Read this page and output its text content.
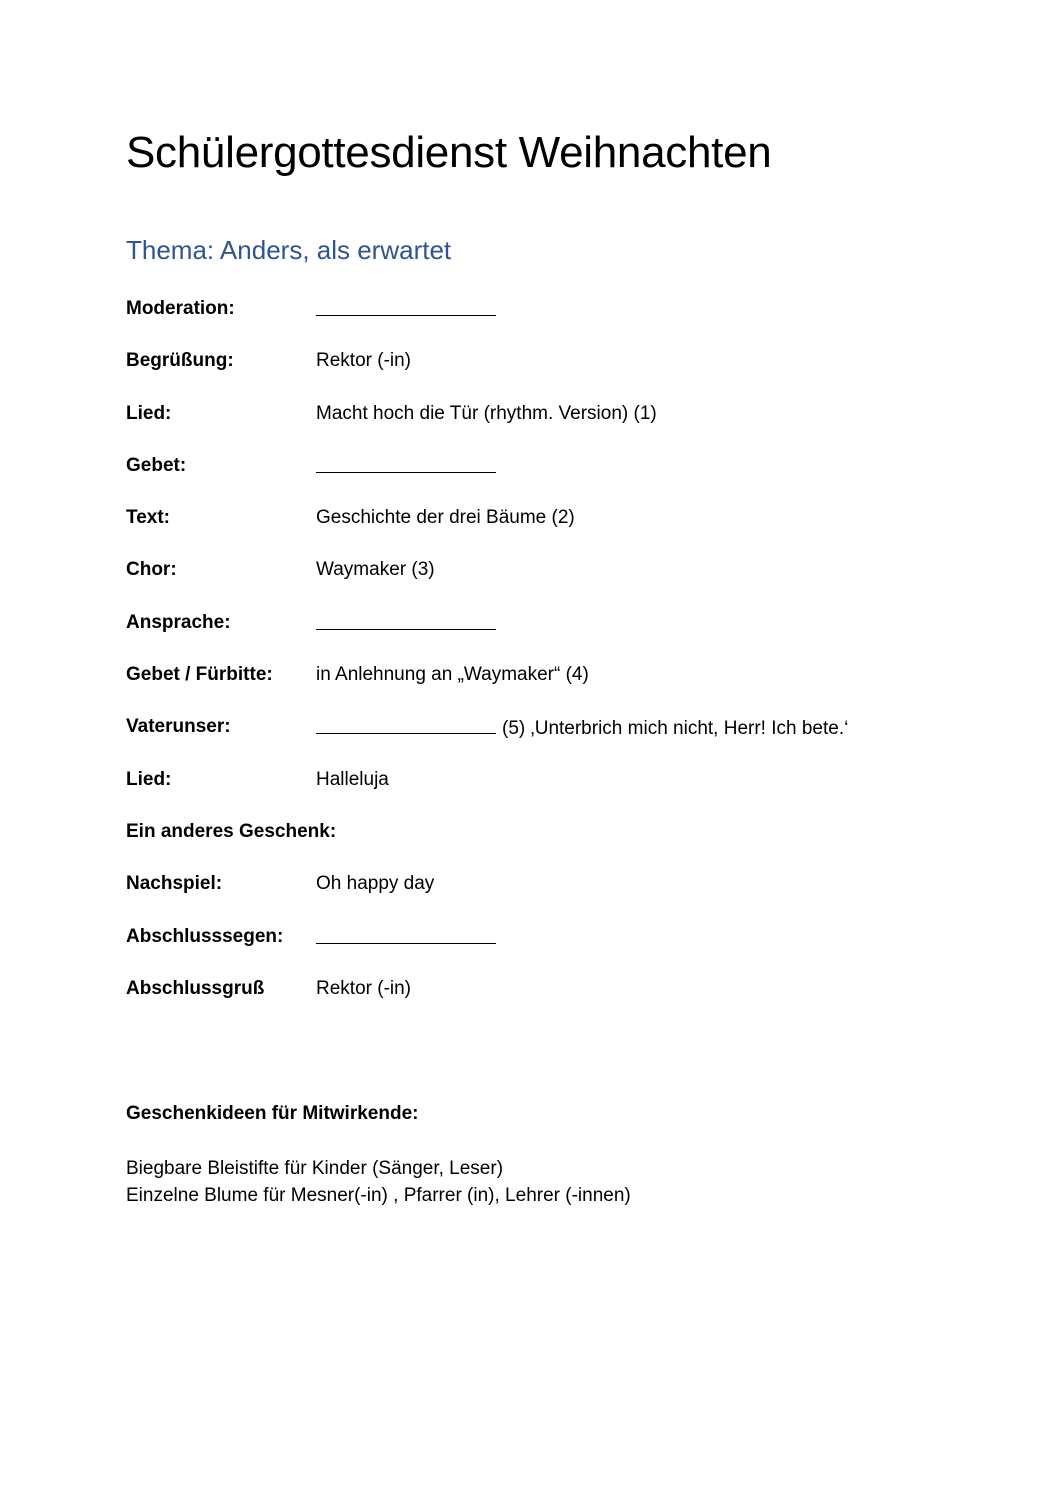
Schülergottesdienst Weihnachten
Thema: Anders, als erwartet
Moderation:
Begrüßung:	Rektor (-in)
Lied:	Macht hoch die Tür (rhythm. Version) (1)
Gebet:
Text:	Geschichte der drei Bäume (2)
Chor:	Waymaker (3)
Ansprache:
Gebet / Fürbitte: in Anlehnung an „Waymaker“ (4)
Vaterunser:	(5) ‚Unterbrich mich nicht, Herr! Ich bete.‘
Lied:	Halleluja
Ein anderes Geschenk:
Nachspiel:	Oh happy day
Abschlusssegen:
Abschlussgruß	Rektor (-in)
Geschenkideen für Mitwirkende:
Biegbare Bleistifte für Kinder (Sänger, Leser)
Einzelne Blume für Mesner(-in) , Pfarrer (in), Lehrer (-innen)
